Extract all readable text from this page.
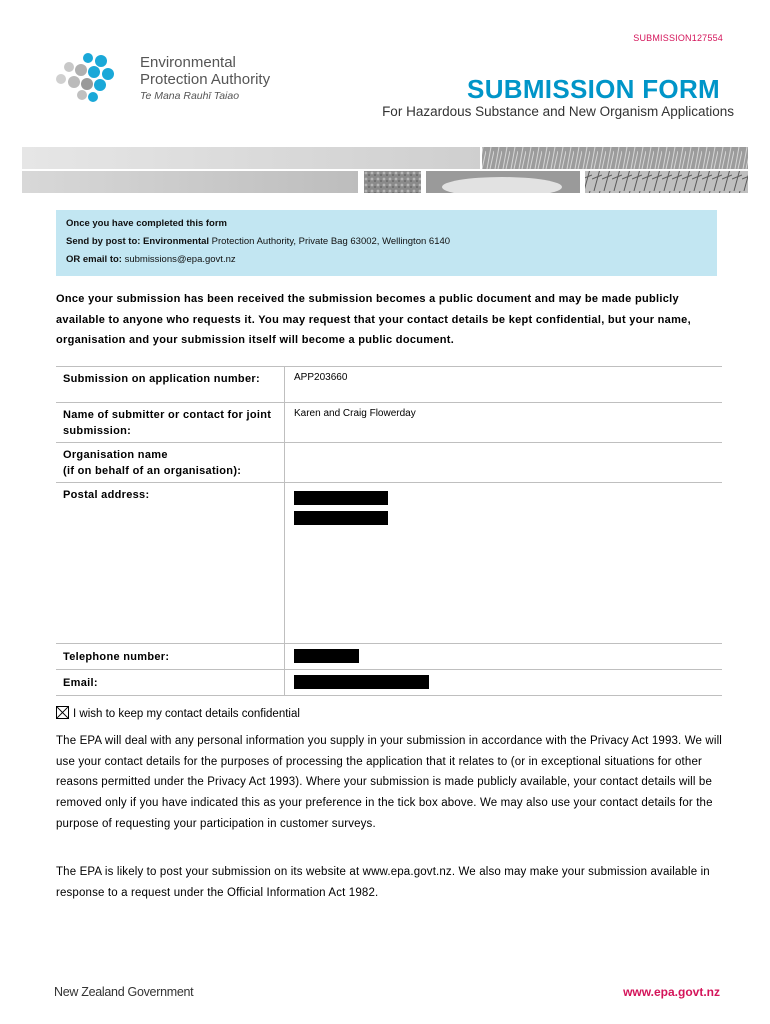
SUBMISSION127554
Environmental
Protection Authority
Te Mana Rauhī Taiao	SUBMISSION FORM
For Hazardous Substance and New Organism Applications
Once you have completed this form
Send by post to: Environmental Protection Authority, Private Bag 63002, Wellington 6140
OR email to: submissions@epa.govt.nz
Once your submission has been received the submission becomes a public document and may be made publicly available to anyone who requests it. You may request that your contact details be kept confidential, but your name, organisation and your submission itself will become a public document.
Submission on application number:	APP203660
Name of submitter or contact for joint submission:	Karen and Craig Flowerday
Organisation name
(if on behalf of an organisation):	
Postal address:	

Telephone number:	

Email:	
I wish to keep my contact details confidential
The EPA will deal with any personal information you supply in your submission in accordance with the Privacy Act 1993. We will use your contact details for the purposes of processing the application that it relates to (or in exceptional situations for other reasons permitted under the Privacy Act 1993). Where your submission is made publicly available, your contact details will be removed only if you have indicated this as your preference in the tick box above. We may also use your contact details for the purpose of requesting your participation in customer surveys.
The EPA is likely to post your submission on its website at www.epa.govt.nz. We also may make your submission available in response to a request under the Official Information Act 1982.
New Zealand Government	www.epa.govt.nz
